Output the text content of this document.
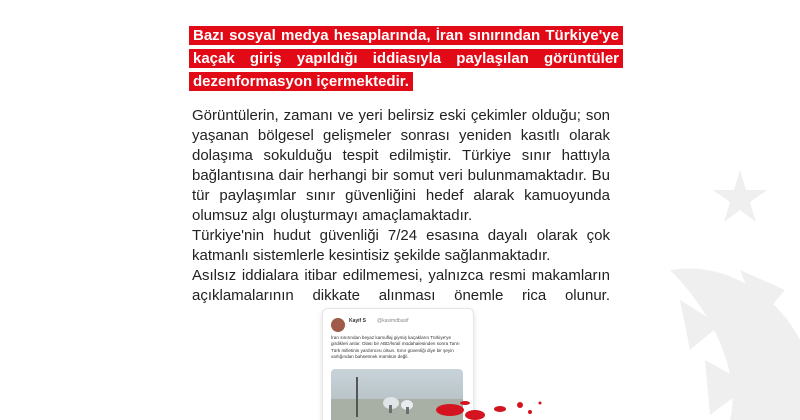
Bazı sosyal medya hesaplarında, İran sınırından Türkiye'ye
kaçak giriş yapıldığı iddiasıyla paylaşılan görüntüler
dezenformasyon içermektedir.
Görüntülerin, zamanı ve yeri belirsiz eski çekimler olduğu; son
yaşanan bölgesel gelişmeler sonrası yeniden kasıtlı olarak
dolaşıma sokulduğu tespit edilmiştir. Türkiye sınır hattıyla
bağlantısına dair herhangi bir somut veri bulunmamaktadır. Bu
tür paylaşımlar sınır güvenliğini hedef alarak kamuoyunda
olumsuz algı oluşturmayı amaçlamaktadır.
Türkiye'nin hudut güvenliği 7/24 esasına dayalı olarak çok
katmanlı sistemlerle kesintisiz şekilde sağlanmaktadır.
Asılsız iddialara itibar edilmemesi, yalnızca resmi makamların
açıklamalarının dikkate alınması önemle rica olunur.
Kayif S @kasimdbasif
İran sınırından beyaz kamuflaj giymiş kaçakların Türkiye'ye girdikleri anlar. Olası bir ABD/İsrail müdahalesinden sonra Tanrı Türk milletinin yardımcısı olsun. Sınır güvenliği diye bir şeyin varlığından bahsetmek mümkün değil.
